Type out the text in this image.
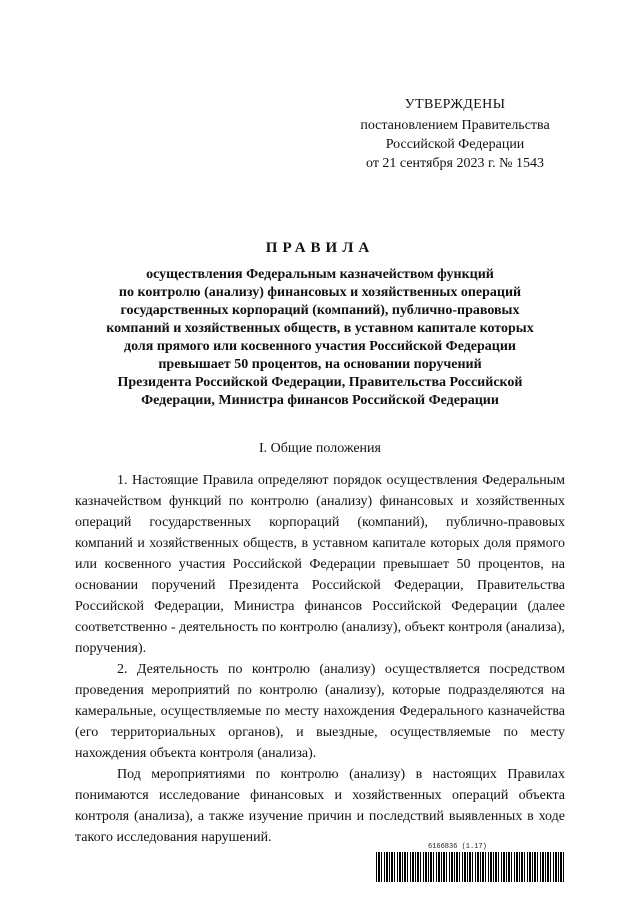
УТВЕРЖДЕНЫ
постановлением Правительства
Российской Федерации
от 21 сентября 2023 г. № 1543
ПРАВИЛА
осуществления Федеральным казначейством функций
по контролю (анализу) финансовых и хозяйственных операций
государственных корпораций (компаний), публично-правовых
компаний и хозяйственных обществ, в уставном капитале которых
доля прямого или косвенного участия Российской Федерации
превышает 50 процентов, на основании поручений
Президента Российской Федерации, Правительства Российской
Федерации, Министра финансов Российской Федерации
I. Общие положения

1. Настоящие Правила определяют порядок осуществления Федеральным казначейством функций по контролю (анализу) финансовых и хозяйственных операций государственных корпораций (компаний), публично-правовых компаний и хозяйственных обществ, в уставном капитале которых доля прямого или косвенного участия Российской Федерации превышает 50 процентов, на основании поручений Президента Российской Федерации, Правительства Российской Федерации, Министра финансов Российской Федерации (далее соответственно - деятельность по контролю (анализу), объект контроля (анализа), поручения).

2. Деятельность по контролю (анализу) осуществляется посредством проведения мероприятий по контролю (анализу), которые подразделяются на камеральные, осуществляемые по месту нахождения Федерального казначейства (его территориальных органов), и выездные, осуществляемые по месту нахождения объекта контроля (анализа).

Под мероприятиями по контролю (анализу) в настоящих Правилах понимаются исследование финансовых и хозяйственных операций объекта контроля (анализа), а также изучение причин и последствий выявленных в ходе такого исследования нарушений.

6166836 (1.17)
